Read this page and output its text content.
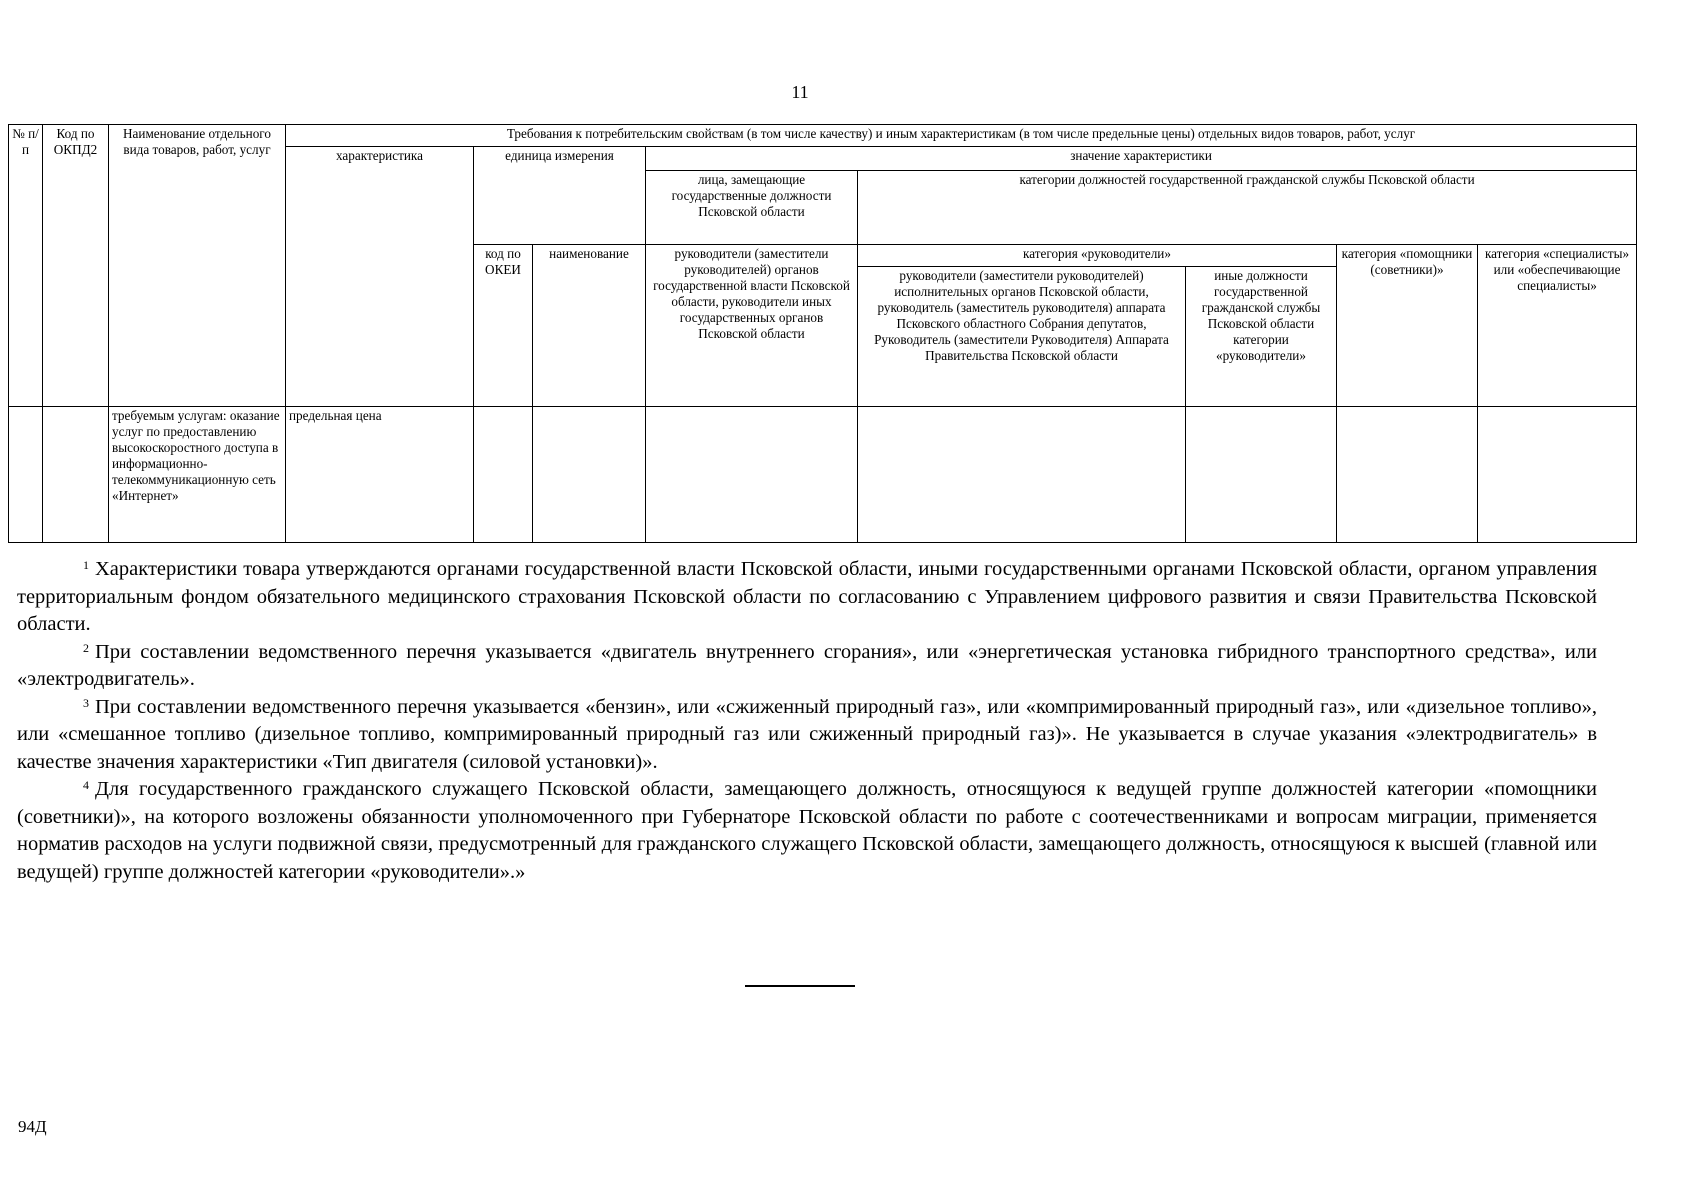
11
№ п/п	Код по ОКПД2	Наименование отдельного вида товаров, работ, услуг	Требования к потребительским свойствам (в том числе качеству) и иным характеристикам (в том числе предельные цены) отдельных видов товаров, работ, услуг							
			характеристика	единица измерения		значение характеристики				
						лица, замещающие государственные должности Псковской области	категории должностей государственной гражданской службы Псковской области			
				код по ОКЕИ	наименование	руководители (заместители руководителей) органов государственной власти Псковской области, руководители иных государственных органов Псковской области	категория «руководители»		категория «помощники (советники)»	категория «специалисты» или «обеспечивающие специалисты»
							руководители (заместители руководителей) исполнительных органов Псковской области, руководитель (заместитель руководителя) аппарата Псковского областного Собрания депутатов, Руководитель (заместители Руководителя) Аппарата Правительства Псковской области	иные должности государственной гражданской службы Псковской области категории «руководители»		
		требуемым услугам: оказание услуг по предоставлению высокоскоростного доступа в информационно-телекоммуникационную сеть «Интернет»	предельная цена							

$^1$ Характеристики товара утверждаются органами государственной власти Псковской области, иными государственными органами Псковской области, органом управления территориальным фондом обязательного медицинского страхования Псковской области по согласованию с Управлением цифрового развития и связи Правительства Псковской области.

$^2$ При составлении ведомственного перечня указывается «двигатель внутреннего сгорания», или «энергетическая установка гибридного транспортного средства», или «электродвигатель».

$^3$ При составлении ведомственного перечня указывается «бензин», или «сжиженный природный газ», или «компримированный природный газ», или «дизельное топливо», или «смешанное топливо (дизельное топливо, компримированный природный газ или сжиженный природный газ)». Не указывается в случае указания «электродвигатель» в качестве значения характеристики «Тип двигателя (силовой установки)».

$^4$ Для государственного гражданского служащего Псковской области, замещающего должность, относящуюся к ведущей группе должностей категории «помощники (советники)», на которого возложены обязанности уполномоченного при Губернаторе Псковской области по работе с соотечественниками и вопросам миграции, применяется норматив расходов на услуги подвижной связи, предусмотренный для гражданского служащего Псковской области, замещающего должность, относящуюся к высшей (главной или ведущей) группе должностей категории «руководители».»

94Д
